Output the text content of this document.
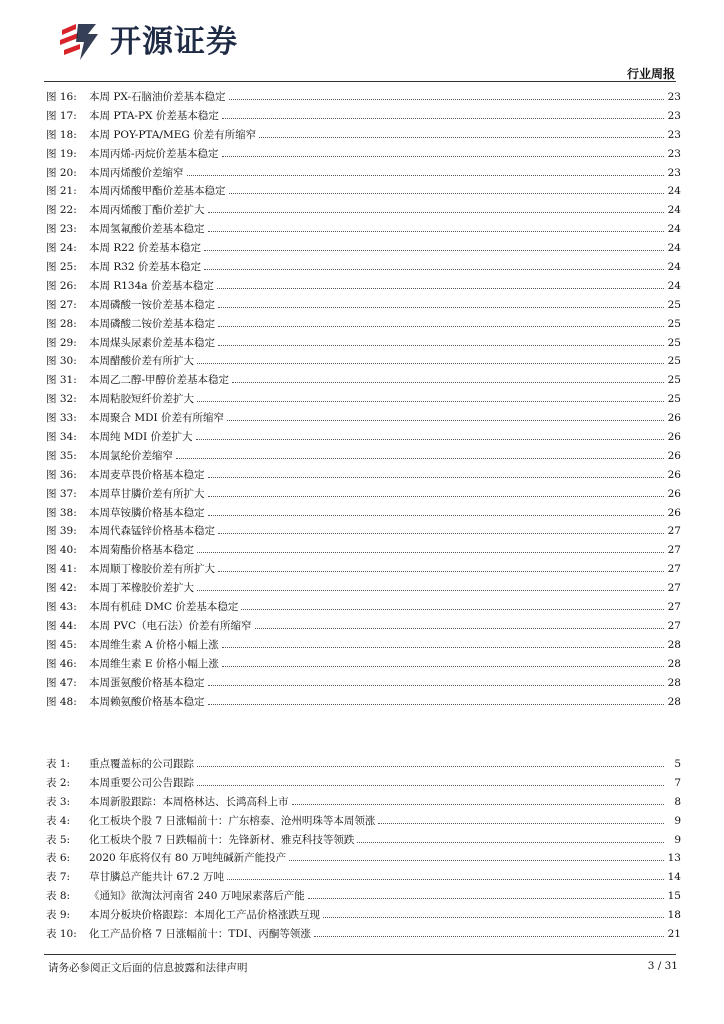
开源证券
行业周报
图 16:	本周 PX-石脑油价差基本稳定	23
图 17:	本周 PTA-PX 价差基本稳定	23
图 18:	本周 POY-PTA/MEG 价差有所缩窄	23
图 19:	本周丙烯-丙烷价差基本稳定	23
图 20:	本周丙烯酸价差缩窄	23
图 21:	本周丙烯酸甲酯价差基本稳定	24
图 22:	本周丙烯酸丁酯价差扩大	24
图 23:	本周氢氟酸价差基本稳定	24
图 24:	本周 R22 价差基本稳定	24
图 25:	本周 R32 价差基本稳定	24
图 26:	本周 R134a 价差基本稳定	24
图 27:	本周磷酸一铵价差基本稳定	25
图 28:	本周磷酸二铵价差基本稳定	25
图 29:	本周煤头尿素价差基本稳定	25
图 30:	本周醋酸价差有所扩大	25
图 31:	本周乙二醇-甲醇价差基本稳定	25
图 32:	本周粘胶短纤价差扩大	25
图 33:	本周聚合 MDI 价差有所缩窄	26
图 34:	本周纯 MDI 价差扩大	26
图 35:	本周氯纶价差缩窄	26
图 36:	本周麦草畏价格基本稳定	26
图 37:	本周草甘膦价差有所扩大	26
图 38:	本周草铵膦价格基本稳定	26
图 39:	本周代森锰锌价格基本稳定	27
图 40:	本周菊酯价格基本稳定	27
图 41:	本周顺丁橡胶价差有所扩大	27
图 42:	本周丁苯橡胶价差扩大	27
图 43:	本周有机硅 DMC 价差基本稳定	27
图 44:	本周 PVC（电石法）价差有所缩窄	27
图 45:	本周维生素 A 价格小幅上涨	28
图 46:	本周维生素 E 价格小幅上涨	28
图 47:	本周蛋氨酸价格基本稳定	28
图 48:	本周赖氨酸价格基本稳定	28
表 1:	重点覆盖标的公司跟踪	5
表 2:	本周重要公司公告跟踪	7
表 3:	本周新股跟踪：本周格林达、长鸿高科上市	8
表 4:	化工板块个股 7 日涨幅前十：广东榕泰、沧州明珠等本周领涨	9
表 5:	化工板块个股 7 日跌幅前十：先锋新材、雅克科技等领跌	9
表 6:	2020 年底将仅有 80 万吨纯碱新产能投产	13
表 7:	草甘膦总产能共计 67.2 万吨	14
表 8:	《通知》欲淘汰河南省 240 万吨尿素落后产能	15
表 9:	本周分板块价格跟踪：本周化工产品价格涨跌互现	18
表 10:	化工产品价格 7 日涨幅前十：TDI、丙酮等领涨	21
请务必参阅正文后面的信息披露和法律声明	3 / 31
